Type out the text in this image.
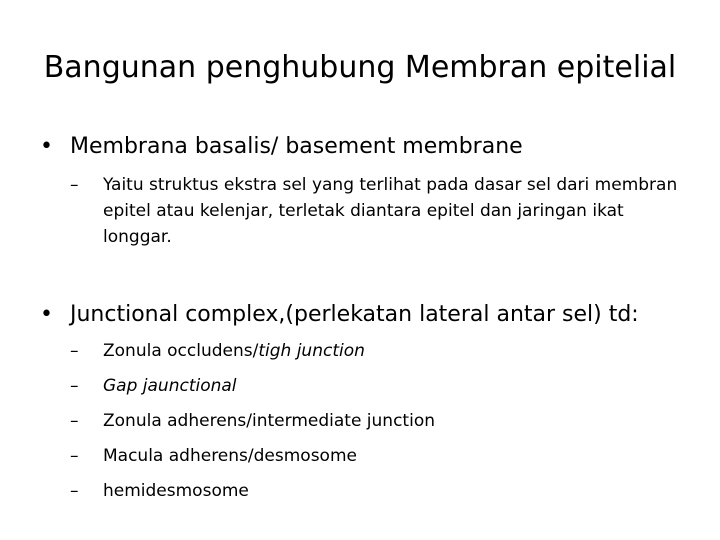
Bangunan penghubung Membran epitelial
• Membrana basalis/ basement membrane
– Yaitu struktus ekstra sel yang terlihat pada dasar sel dari membran epitel atau kelenjar, terletak diantara epitel dan jaringan ikat longgar.
• Junctional complex,(perlekatan lateral antar sel) td:
– Zonula occludens/tigh junction
– Gap jaunctional
– Zonula adherens/intermediate junction
– Macula adherens/desmosome
– hemidesmosome
